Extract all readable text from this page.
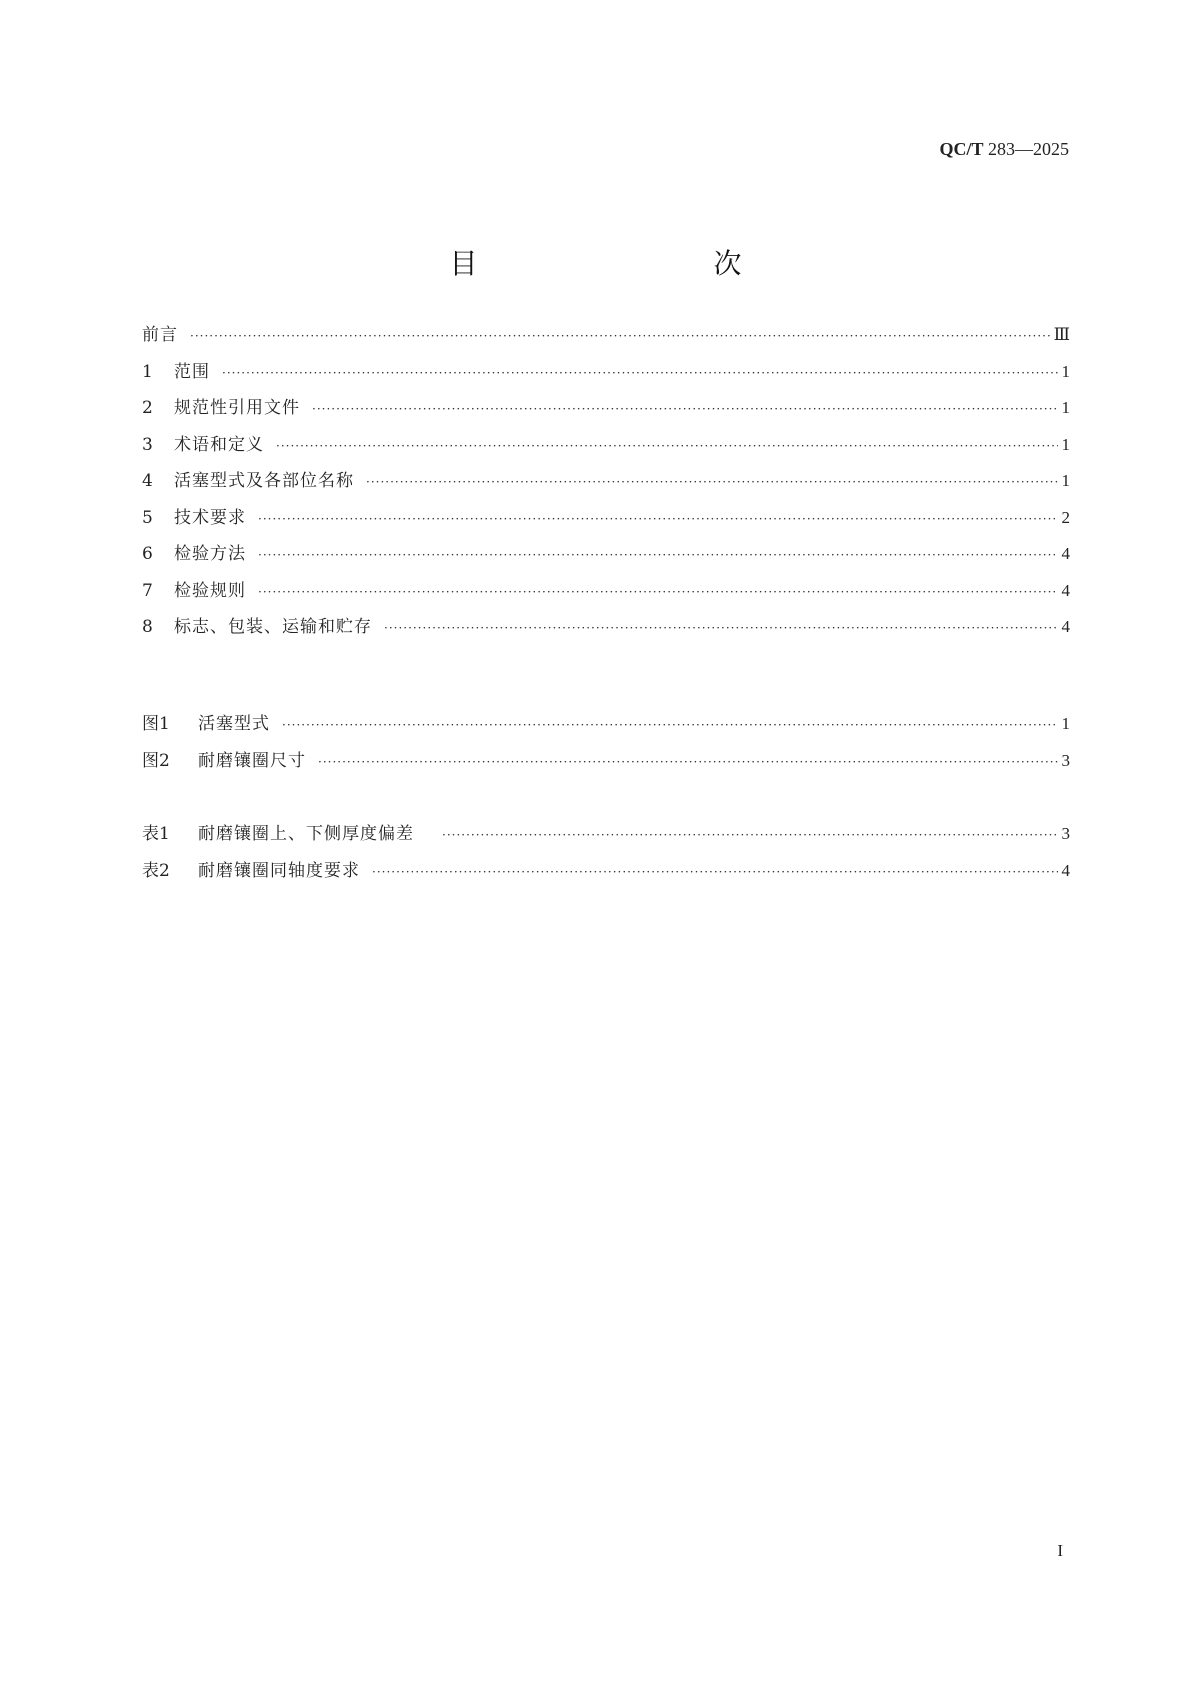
QC/T 283—2025
目　　次
前言 ·····	Ⅲ
1	范围 ·····	1
2	规范性引用文件 ·····	1
3	术语和定义 ·····	1
4	活塞型式及各部位名称 ·····	1
5	技术要求 ·····	2
6	检验方法 ·····	4
7	检验规则 ·····	4
8	标志、包装、运输和贮存 ·····	4
图1	活塞型式 ·····	1
图2	耐磨镶圈尺寸 ·····	3
表1	耐磨镶圈上、下侧厚度偏差 ·····	3
表2	耐磨镶圈同轴度要求 ·····	4
I
